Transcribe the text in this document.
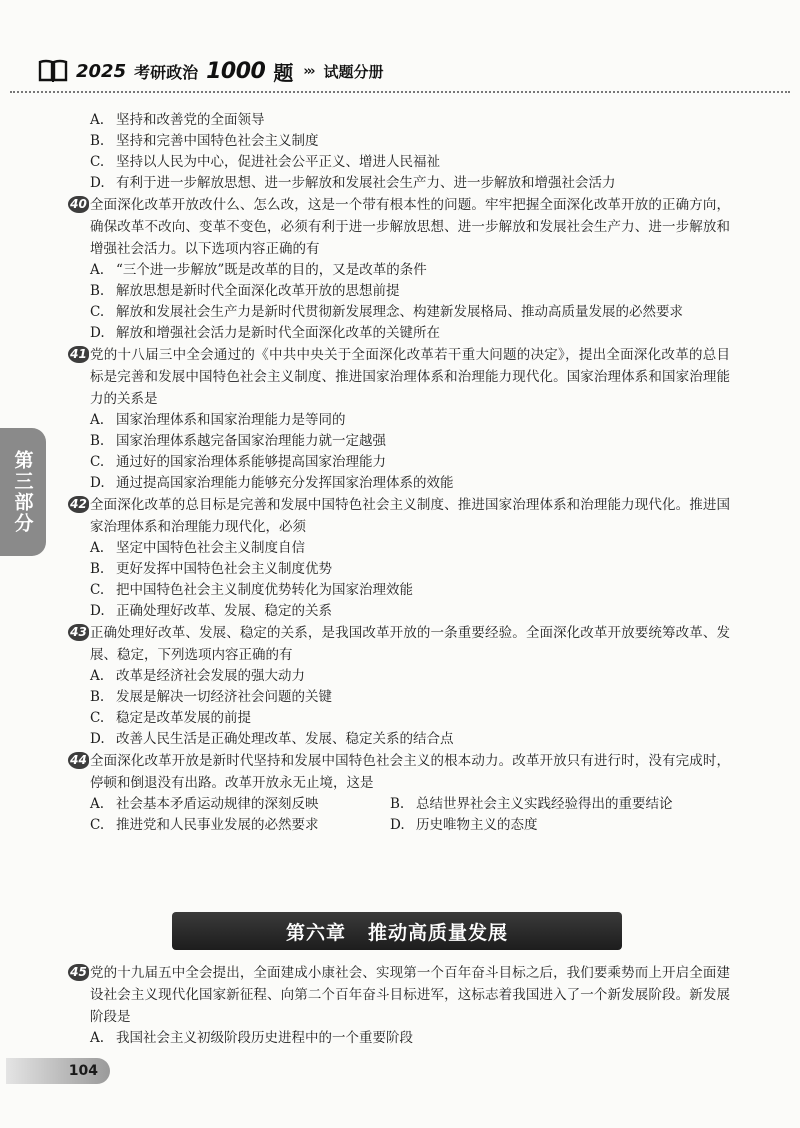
2025 考研政治 1000 题 ››› 试题分册
第三部分

A. 坚持和改善党的全面领导

B. 坚持和完善中国特色社会主义制度

C. 坚持以人民为中心，促进社会公平正义、增进人民福祉

D. 有利于进一步解放思想、进一步解放和发展社会生产力、进一步解放和增强社会活力

40 全面深化改革开放改什么、怎么改，这是一个带有根本性的问题。牢牢把握全面深化改革开放的正确方向，确保改革不改向、变革不变色，必须有利于进一步解放思想、进一步解放和发展社会生产力、进一步解放和增强社会活力。以下选项内容正确的有

A. “三个进一步解放”既是改革的目的，又是改革的条件

B. 解放思想是新时代全面深化改革开放的思想前提

C. 解放和发展社会生产力是新时代贯彻新发展理念、构建新发展格局、推动高质量发展的必然要求

D. 解放和增强社会活力是新时代全面深化改革的关键所在

41 党的十八届三中全会通过的《中共中央关于全面深化改革若干重大问题的决定》，提出全面深化改革的总目标是完善和发展中国特色社会主义制度、推进国家治理体系和治理能力现代化。国家治理体系和国家治理能力的关系是

A. 国家治理体系和国家治理能力是等同的

B. 国家治理体系越完备国家治理能力就一定越强

C. 通过好的国家治理体系能够提高国家治理能力

D. 通过提高国家治理能力能够充分发挥国家治理体系的效能

42 全面深化改革的总目标是完善和发展中国特色社会主义制度、推进国家治理体系和治理能力现代化。推进国家治理体系和治理能力现代化，必须

A. 坚定中国特色社会主义制度自信

B. 更好发挥中国特色社会主义制度优势

C. 把中国特色社会主义制度优势转化为国家治理效能

D. 正确处理好改革、发展、稳定的关系

43 正确处理好改革、发展、稳定的关系，是我国改革开放的一条重要经验。全面深化改革开放要统筹改革、发展、稳定，下列选项内容正确的有

A. 改革是经济社会发展的强大动力

B. 发展是解决一切经济社会问题的关键

C. 稳定是改革发展的前提

D. 改善人民生活是正确处理改革、发展、稳定关系的结合点

44 全面深化改革开放是新时代坚持和发展中国特色社会主义的根本动力。改革开放只有进行时，没有完成时，停顿和倒退没有出路。改革开放永无止境，这是

A. 社会基本矛盾运动规律的深刻反映	B. 总结世界社会主义实践经验得出的重要结论

C. 推进党和人民事业发展的必然要求	D. 历史唯物主义的态度

第六章 推动高质量发展
45 党的十九届五中全会提出，全面建成小康社会、实现第一个百年奋斗目标之后，我们要乘势而上开启全面建设社会主义现代化国家新征程、向第二个百年奋斗目标进军，这标志着我国进入了一个新发展阶段。新发展阶段是

A. 我国社会主义初级阶段历史进程中的一个重要阶段

104
